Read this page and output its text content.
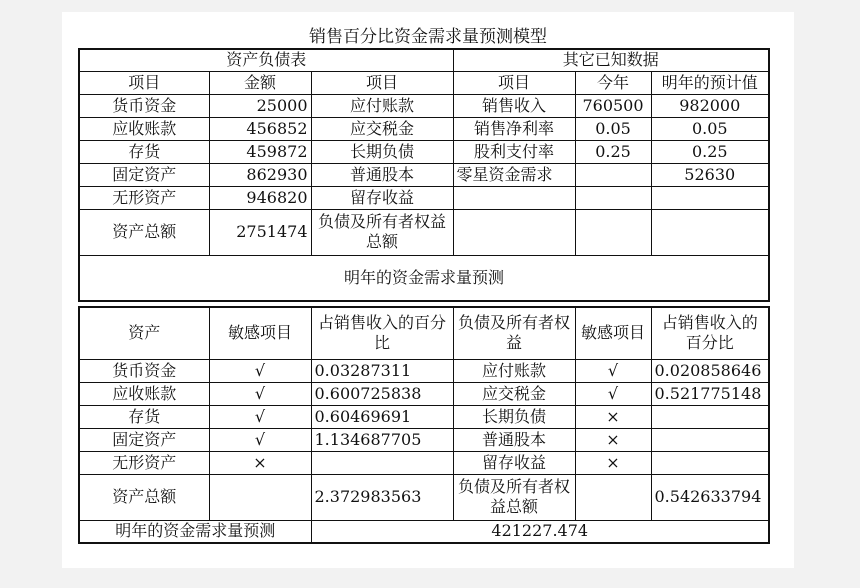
销售百分比资金需求量预测模型
资产负债表			其它已知数据		
项目	金额	项目	项目	今年	明年的预计值
货币资金	25000	应付账款	销售收入	760500	982000
应收账款	456852	应交税金	销售净利率	0.05	0.05
存货	459872	长期负债	股利支付率	0.25	0.25
固定资产	862930	普通股本	零星资金需求		52630
无形资产	946820	留存收益			
资产总额	2751474	负债及所有者权益总额			
明年的资金需求量预测					
资产	敏感项目	占销售收入的百分比	负债及所有者权益	敏感项目	占销售收入的百分比
货币资金	√	0.03287311	应付账款	√	0.020858646
应收账款	√	0.600725838	应交税金	√	0.521775148
存货	√	0.60469691	长期负债	×	
固定资产	√	1.134687705	普通股本	×	
无形资产	×		留存收益	×	
资产总额		2.372983563	负债及所有者权益总额		0.542633794
明年的资金需求量预测		421227.474			
